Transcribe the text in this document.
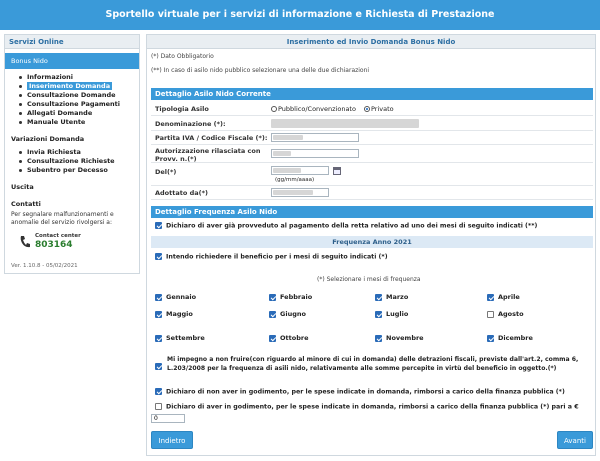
Sportello virtuale per i servizi di informazione e Richiesta di Prestazione
Servizi Online
Bonus Nido
Informazioni
Inserimento Domanda
Consultazione Domande
Consultazione Pagamenti
Allegati Domande
Manuale Utente
Variazioni Domanda
Invia Richiesta
Consultazione Richieste
Subentro per Decesso
Uscita
Contatti
Per segnalare malfunzionamenti e anomalie del servizio rivolgersi a:
Contact center
803164
Ver. 1.10.8 - 05/02/2021
Inserimento ed Invio Domanda Bonus Nido
(*) Dato Obbligatorio
(**) In caso di asilo nido pubblico selezionare una delle due dichiarazioni
Dettaglio Asilo Nido Corrente
Tipologia Asilo	Pubblico/Convenzionato	Privato
Denominazione (*):
Partita IVA / Codice Fiscale (*):
Autorizzazione rilasciata con Provv. n.(*)
Del(*)
(gg/mm/aaaa)
Adottato da(*)
Dettaglio Frequenza Asilo Nido
Dichiaro di aver già provveduto al pagamento della retta relativo ad uno dei mesi di seguito indicati (**)
Frequenza Anno 2021
Intendo richiedere il beneficio per i mesi di seguito indicati (*)
(*) Selezionare i mesi di frequenza
Gennaio	Febbraio	Marzo	Aprile
Maggio	Giugno	Luglio	Agosto
Settembre	Ottobre	Novembre	Dicembre
Mi impegno a non fruire(con riguardo al minore di cui in domanda) delle detrazioni fiscali, previste dall'art.2, comma 6, L.203/2008 per la frequenza di asili nido, relativamente alle somme percepite in virtù del beneficio in oggetto.(*)
Dichiaro di non aver in godimento, per le spese indicate in domanda, rimborsi a carico della finanza pubblica (*)
Dichiaro di aver in godimento, per le spese indicate in domanda, rimborsi a carico della finanza pubblica (*) pari a €
0
Indietro	Avanti
